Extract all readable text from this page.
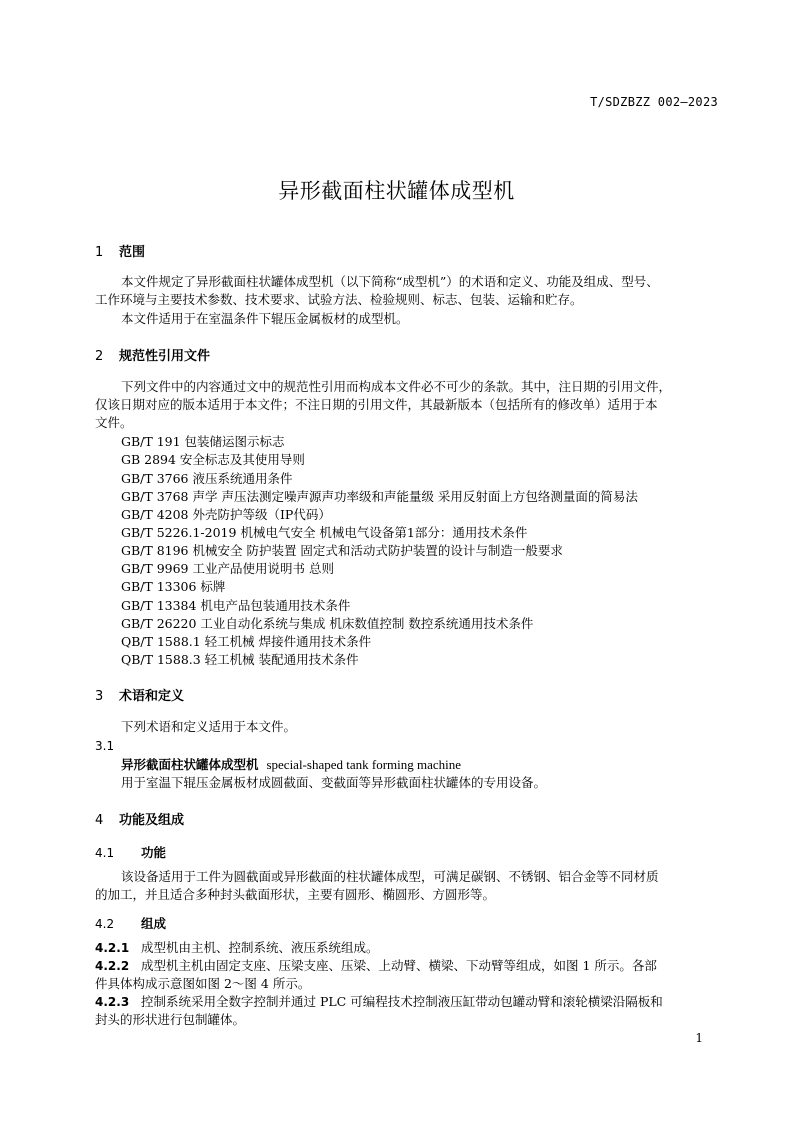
T/SDZBZZ 002—2023
异形截面柱状罐体成型机
1 范围
本文件规定了异形截面柱状罐体成型机（以下简称“成型机”）的术语和定义、功能及组成、型号、
工作环境与主要技术参数、技术要求、试验方法、检验规则、标志、包装、运输和贮存。
本文件适用于在室温条件下辊压金属板材的成型机。
2 规范性引用文件
下列文件中的内容通过文中的规范性引用而构成本文件必不可少的条款。其中，注日期的引用文件，
仅该日期对应的版本适用于本文件；不注日期的引用文件，其最新版本（包括所有的修改单）适用于本
文件。
GB/T 191 包装储运图示标志
GB 2894 安全标志及其使用导则
GB/T 3766 液压系统通用条件
GB/T 3768 声学 声压法测定噪声源声功率级和声能量级 采用反射面上方包络测量面的简易法
GB/T 4208 外壳防护等级（IP代码）
GB/T 5226.1-2019 机械电气安全 机械电气设备第1部分：通用技术条件
GB/T 8196 机械安全 防护装置 固定式和活动式防护装置的设计与制造一般要求
GB/T 9969 工业产品使用说明书 总则
GB/T 13306 标牌
GB/T 13384 机电产品包装通用技术条件
GB/T 26220 工业自动化系统与集成 机床数值控制 数控系统通用技术条件
QB/T 1588.1 轻工机械 焊接件通用技术条件
QB/T 1588.3 轻工机械 装配通用技术条件
3 术语和定义
下列术语和定义适用于本文件。
3.1
异形截面柱状罐体成型机 special-shaped tank forming machine
用于室温下辊压金属板材成圆截面、变截面等异形截面柱状罐体的专用设备。
4 功能及组成
4.1 功能
该设备适用于工件为圆截面或异形截面的柱状罐体成型，可满足碳钢、不锈钢、铝合金等不同材质
的加工，并且适合多种封头截面形状，主要有圆形、椭圆形、方圆形等。
4.2 组成
4.2.1 成型机由主机、控制系统、液压系统组成。
4.2.2 成型机主机由固定支座、压梁支座、压梁、上动臂、横梁、下动臂等组成，如图 1 所示。各部
件具体构成示意图如图 2～图 4 所示。
4.2.3 控制系统采用全数字控制并通过 PLC 可编程技术控制液压缸带动包罐动臂和滚轮横梁沿隔板和
封头的形状进行包制罐体。
1
